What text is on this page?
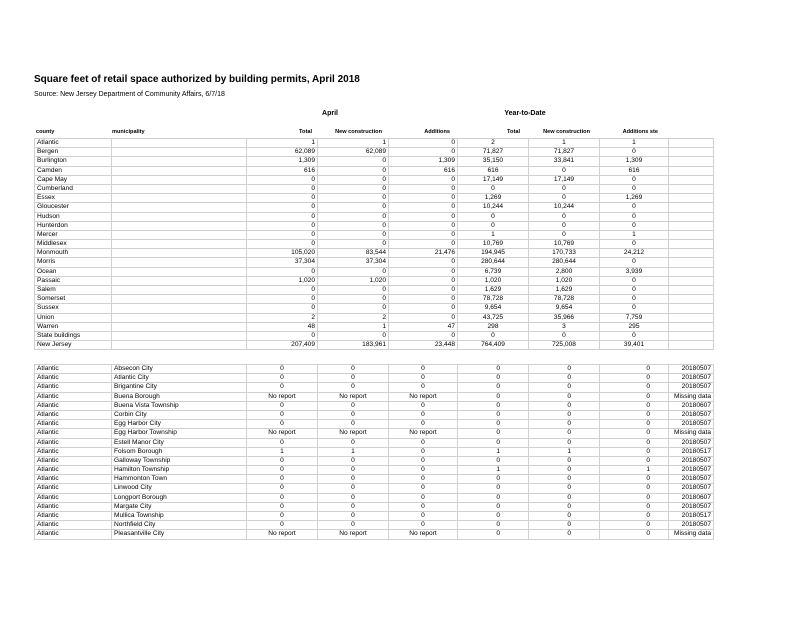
Square feet of retail space authorized by building permits, April 2018
Source: New Jersey Department of Community Affairs, 6/7/18
April	Year-to-Date
county	municipality	Total	New construction	Additions	Total	New construction	Additions ste
Atlantic		1	1	0	2	1	1	
Bergen		62,089	62,089	0	71,827	71,827	0	
Burlington		1,309	0	1,309	35,150	33,841	1,309	
Camden		616	0	616	616	0	616	
Cape May		0	0	0	17,149	17,149	0	
Cumberland		0	0	0	0	0	0	
Essex		0	0	0	1,269	0	1,269	
Gloucester		0	0	0	10,244	10,244	0	
Hudson		0	0	0	0	0	0	
Hunterdon		0	0	0	0	0	0	
Mercer		0	0	0	1	0	1	
Middlesex		0	0	0	10,769	10,769	0	
Monmouth		105,020	83,544	21,476	194,945	170,733	24,212	
Morris		37,304	37,304	0	280,644	280,644	0	
Ocean		0	0	0	6,739	2,800	3,939	
Passaic		1,020	1,020	0	1,020	1,020	0	
Salem		0	0	0	1,629	1,629	0	
Somerset		0	0	0	78,728	78,728	0	
Sussex		0	0	0	9,654	9,654	0	
Union		2	2	0	43,725	35,966	7,759	
Warren		48	1	47	298	3	295	
State buildings		0	0	0	0	0	0	
New Jersey		207,409	183,961	23,448	764,409	725,008	39,401	
Atlantic	Absecon City	0	0	0	0	0	0	20180507
Atlantic	Atlantic City	0	0	0	0	0	0	20180507
Atlantic	Brigantine City	0	0	0	0	0	0	20180507
Atlantic	Buena Borough	No report	No report	No report	0	0	0	Missing data
Atlantic	Buena Vista Township	0	0	0	0	0	0	20180607
Atlantic	Corbin City	0	0	0	0	0	0	20180507
Atlantic	Egg Harbor City	0	0	0	0	0	0	20180507
Atlantic	Egg Harbor Township	No report	No report	No report	0	0	0	Missing data
Atlantic	Estell Manor City	0	0	0	0	0	0	20180507
Atlantic	Folsom Borough	1	1	0	1	1	0	20180517
Atlantic	Galloway Township	0	0	0	0	0	0	20180507
Atlantic	Hamilton Township	0	0	0	1	0	1	20180507
Atlantic	Hammonton Town	0	0	0	0	0	0	20180507
Atlantic	Linwood City	0	0	0	0	0	0	20180507
Atlantic	Longport Borough	0	0	0	0	0	0	20180607
Atlantic	Margate City	0	0	0	0	0	0	20180507
Atlantic	Mullica Township	0	0	0	0	0	0	20180517
Atlantic	Northfield City	0	0	0	0	0	0	20180507
Atlantic	Pleasantville City	No report	No report	No report	0	0	0	Missing data
